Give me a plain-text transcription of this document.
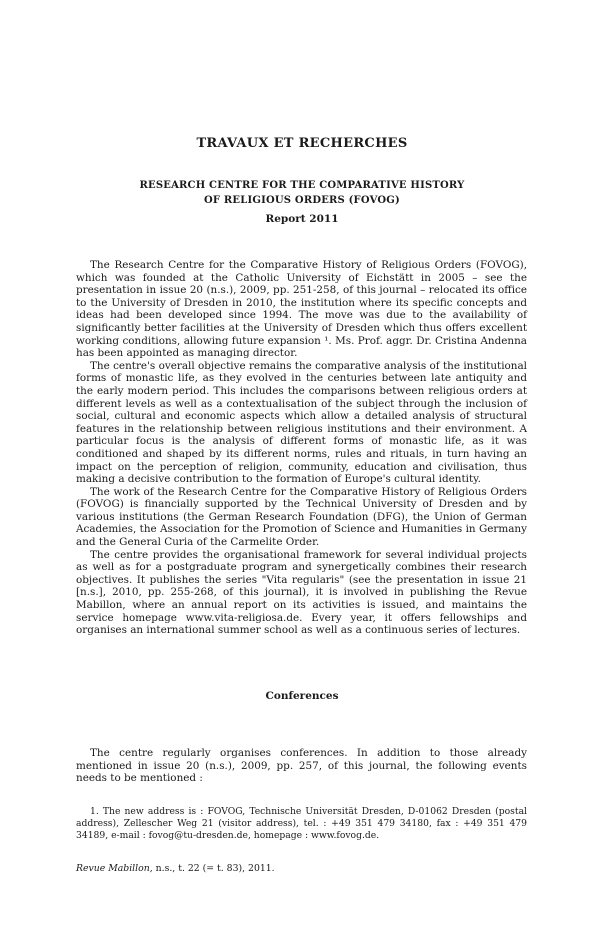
TRAVAUX ET RECHERCHES
RESEARCH CENTRE FOR THE COMPARATIVE HISTORY
OF RELIGIOUS ORDERS (FOVOG)
Report 2011

The Research Centre for the Comparative History of Religious Orders (FOVOG), which was founded at the Catholic University of Eichstätt in 2005 – see the presentation in issue 20 (n.s.), 2009, pp. 251-258, of this journal – relocated its office to the University of Dresden in 2010, the institution where its specific concepts and ideas had been developed since 1994. The move was due to the availability of significantly better facilities at the University of Dresden which thus offers excellent working conditions, allowing future expansion ¹. Ms. Prof. aggr. Dr. Cristina Andenna has been appointed as managing director.

The centre's overall objective remains the comparative analysis of the institutional forms of monastic life, as they evolved in the centuries between late antiquity and the early modern period. This includes the comparisons between religious orders at different levels as well as a contextualisation of the subject through the inclusion of social, cultural and economic aspects which allow a detailed analysis of structural features in the relationship between religious institutions and their environment. A particular focus is the analysis of different forms of monastic life, as it was conditioned and shaped by its different norms, rules and rituals, in turn having an impact on the perception of religion, community, education and civilisation, thus making a decisive contribution to the formation of Europe's cultural identity.

The work of the Research Centre for the Comparative History of Religious Orders (FOVOG) is financially supported by the Technical University of Dresden and by various institutions (the German Research Foundation (DFG), the Union of German Academies, the Association for the Promotion of Science and Humanities in Germany and the General Curia of the Carmelite Order.

The centre provides the organisational framework for several individual projects as well as for a postgraduate program and synergetically combines their research objectives. It publishes the series "Vita regularis" (see the presentation in issue 21 [n.s.], 2010, pp. 255-268, of this journal), it is involved in publishing the Revue Mabillon, where an annual report on its activities is issued, and maintains the service homepage www.vita-religiosa.de. Every year, it offers fellowships and organises an international summer school as well as a continuous series of lectures.

Conferences

The centre regularly organises conferences. In addition to those already mentioned in issue 20 (n.s.), 2009, pp. 257, of this journal, the following events needs to be mentioned :

1. The new address is : FOVOG, Technische Universität Dresden, D-01062 Dresden (postal address), Zellescher Weg 21 (visitor address), tel. : +49 351 479 34180, fax : +49 351 479 34189, e-mail : fovog@tu-dresden.de, homepage : www.fovog.de.

Revue Mabillon, n.s., t. 22 (= t. 83), 2011.
